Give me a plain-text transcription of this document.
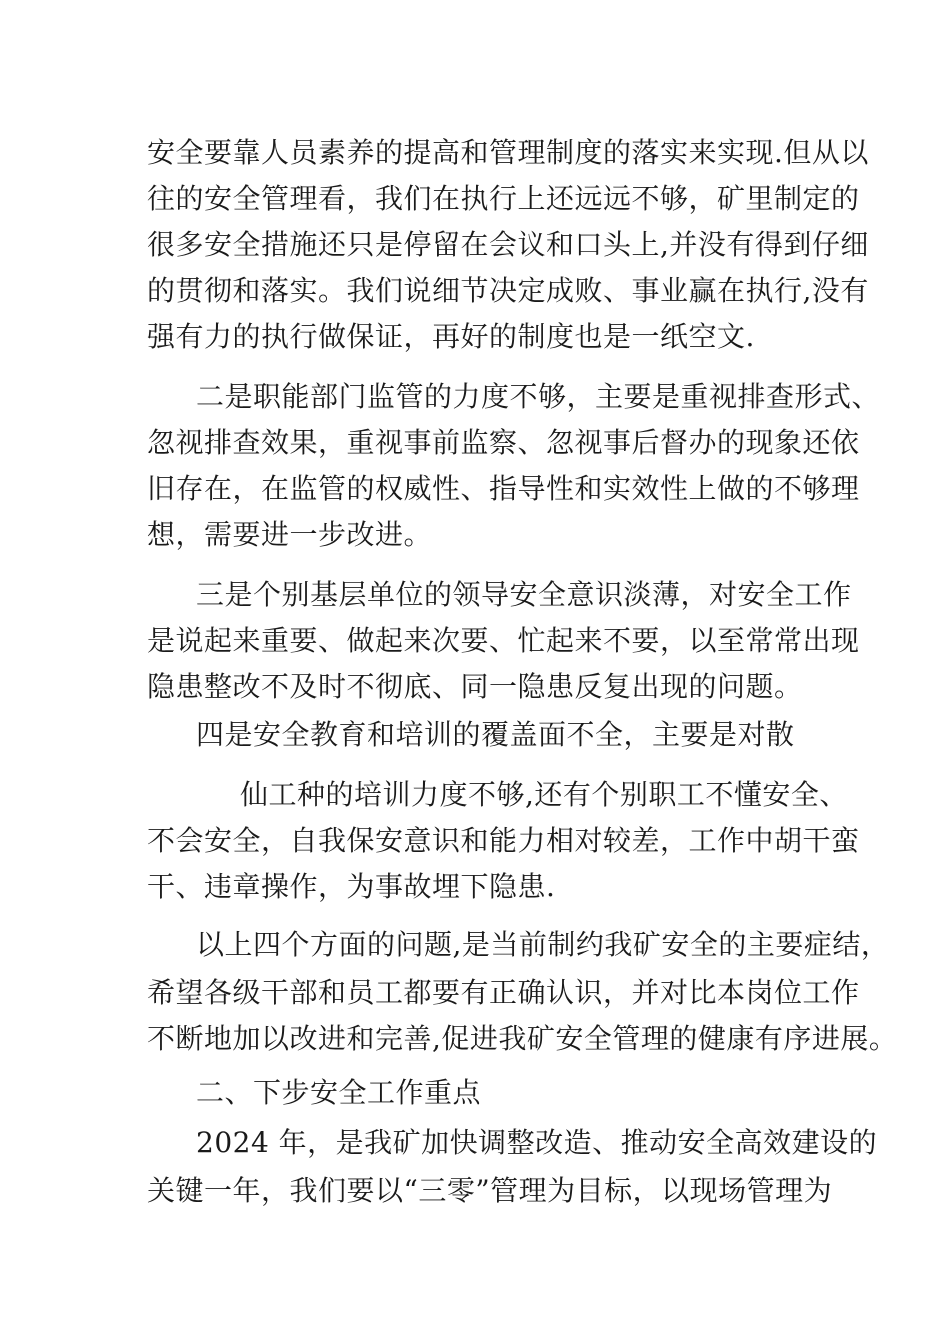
安全要靠人员素养的提高和管理制度的落实来实现.但从以
往的安全管理看，我们在执行上还远远不够，矿里制定的
很多安全措施还只是停留在会议和口头上,并没有得到仔细
的贯彻和落实。我们说细节决定成败、事业赢在执行,没有
强有力的执行做保证，再好的制度也是一纸空文.
二是职能部门监管的力度不够，主要是重视排查形式、
忽视排查效果，重视事前监察、忽视事后督办的现象还依
旧存在，在监管的权威性、指导性和实效性上做的不够理
想，需要进一步改进。
三是个别基层单位的领导安全意识淡薄，对安全工作
是说起来重要、做起来次要、忙起来不要，以至常常出现
隐患整改不及时不彻底、同一隐患反复出现的问题。
四是安全教育和培训的覆盖面不全，主要是对散
仙工种的培训力度不够,还有个别职工不懂安全、
不会安全，自我保安意识和能力相对较差，工作中胡干蛮
干、违章操作，为事故埋下隐患.
以上四个方面的问题,是当前制约我矿安全的主要症结，
希望各级干部和员工都要有正确认识，并对比本岗位工作
不断地加以改进和完善,促进我矿安全管理的健康有序进展。
二、下步安全工作重点
2024 年，是我矿加快调整改造、推动安全高效建设的
关键一年，我们要以“三零”管理为目标，以现场管理为
